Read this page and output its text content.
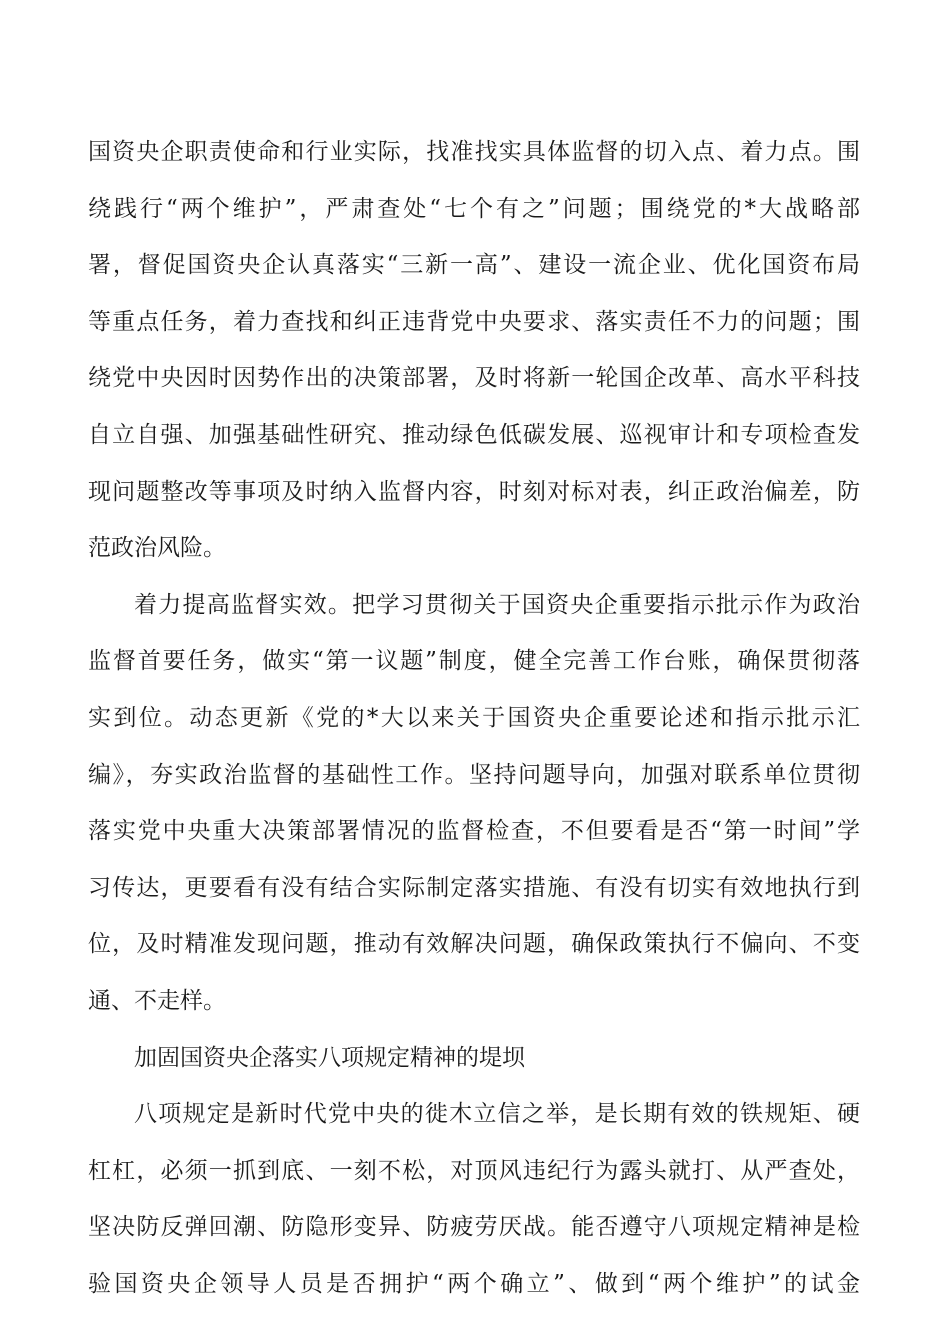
国资央企职责使命和行业实际，找准找实具体监督的切入点、着力点。围
绕践行“两个维护”，严肃查处“七个有之”问题；围绕党的*大战略部
署，督促国资央企认真落实“三新一高”、建设一流企业、优化国资布局
等重点任务，着力查找和纠正违背党中央要求、落实责任不力的问题；围
绕党中央因时因势作出的决策部署，及时将新一轮国企改革、高水平科技
自立自强、加强基础性研究、推动绿色低碳发展、巡视审计和专项检查发
现问题整改等事项及时纳入监督内容，时刻对标对表，纠正政治偏差，防
范政治风险。
着力提高监督实效。把学习贯彻关于国资央企重要指示批示作为政治
监督首要任务，做实“第一议题”制度，健全完善工作台账，确保贯彻落
实到位。动态更新《党的*大以来关于国资央企重要论述和指示批示汇
编》，夯实政治监督的基础性工作。坚持问题导向，加强对联系单位贯彻
落实党中央重大决策部署情况的监督检查，不但要看是否“第一时间”学
习传达，更要看有没有结合实际制定落实措施、有没有切实有效地执行到
位，及时精准发现问题，推动有效解决问题，确保政策执行不偏向、不变
通、不走样。
加固国资央企落实八项规定精神的堤坝
八项规定是新时代党中央的徙木立信之举，是长期有效的铁规矩、硬
杠杠，必须一抓到底、一刻不松，对顶风违纪行为露头就打、从严查处，
坚决防反弹回潮、防隐形变异、防疲劳厌战。能否遵守八项规定精神是检
验国资央企领导人员是否拥护“两个确立”、做到“两个维护”的试金
